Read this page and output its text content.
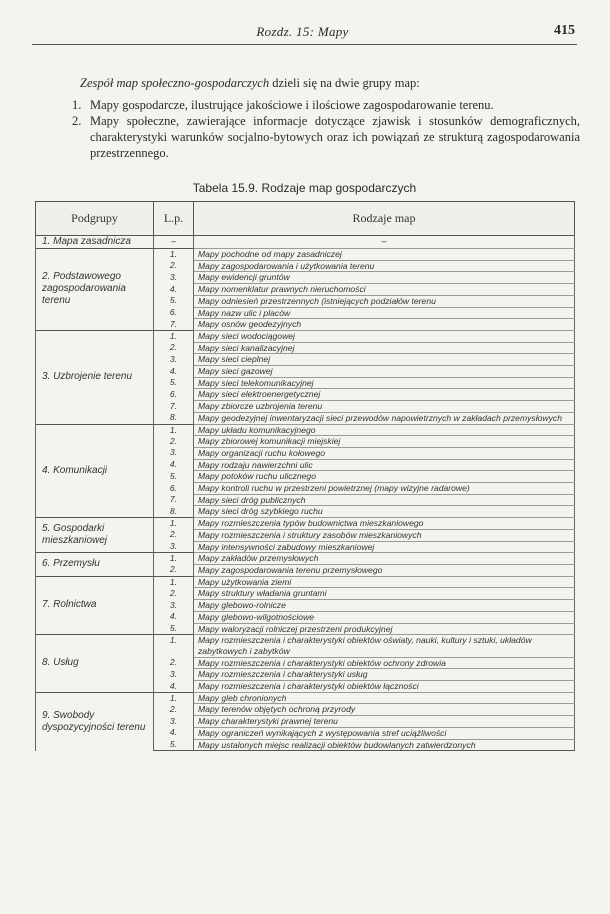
Rozdz. 15: Mapy	415

Zespół map społeczno-gospodarczych dzieli się na dwie grupy map:

1. Mapy gospodarcze, ilustrujące jakościowe i ilościowe zagospodarowanie terenu.
2. Mapy społeczne, zawierające informacje dotyczące zjawisk i stosunków demograficznych, charakterystyki warunków socjalno-bytowych oraz ich powiązań ze strukturą zagospodarowania przestrzennego.
Tabela 15.9. Rodzaje map gospodarczych
Podgrupy	L.p.	Rodzaje map
1. Mapa zasadnicza	–	–
2. Podstawowego zagospodarowania terenu	1.	Mapy pochodne od mapy zasadniczej
	2.	Mapy zagospodarowania i użytkowania terenu
	3.	Mapy ewidencji gruntów
	4.	Mapy nomenklatur prawnych nieruchomości
	5.	Mapy odniesień przestrzennych (istniejących podziałów terenu
	6.	Mapy nazw ulic i placów
	7.	Mapy osnów geodezyjnych
3. Uzbrojenie terenu	1.	Mapy sieci wodociągowej
	2.	Mapy sieci kanalizacyjnej
	3.	Mapy sieci cieplnej
	4.	Mapy sieci gazowej
	5.	Mapy sieci telekomunikacyjnej
	6.	Mapy sieci elektroenergetycznej
	7.	Mapy zbiorcze uzbrojenia terenu
	8.	Mapy geodezyjnej inwentaryzacji sieci przewodów napowietrznych w zakładach przemysłowych
4. Komunikacji	1.	Mapy układu komunikacyjnego
	2.	Mapy zbiorowej komunikacji miejskiej
	3.	Mapy organizacji ruchu kołowego
	4.	Mapy rodzaju nawierzchni ulic
	5.	Mapy potoków ruchu ulicznego
	6.	Mapy kontroli ruchu w przestrzeni powietrznej (mapy wizyjne radarowe)
	7.	Mapy sieci dróg publicznych
	8.	Mapy sieci dróg szybkiego ruchu
5. Gospodarki mieszkaniowej	1.	Mapy rozmieszczenia typów budownictwa mieszkaniowego
	2.	Mapy rozmieszczenia i struktury zasobów mieszkaniowych
	3.	Mapy intensywności zabudowy mieszkaniowej
6. Przemysłu	1.	Mapy zakładów przemysłowych
	2.	Mapy zagospodarowania terenu przemysłowego
7. Rolnictwa	1.	Mapy użytkowania ziemi
	2.	Mapy struktury władania gruntami
	3.	Mapy glebowo-rolnicze
	4.	Mapy glebowo-wilgotnościowe
	5.	Mapy waloryzacji rolniczej przestrzeni produkcyjnej
8. Usług	1.	Mapy rozmieszczenia i charakterystyki obiektów oświaty, nauki, kultury i sztuki, układów zabytkowych i zabytków
	2.	Mapy rozmieszczenia i charakterystyki obiektów ochrony zdrowia
	3.	Mapy rozmieszczenia i charakterystyki usług
	4.	Mapy rozmieszczenia i charakterystyki obiektów łączności
9. Swobody dyspozycyjności terenu	1.	Mapy gleb chronionych
	2.	Mapy terenów objętych ochroną przyrody
	3.	Mapy charakterystyki prawnej terenu
	4.	Mapy ograniczeń wynikających z występowania stref uciążliwości
	5.	Mapy ustalonych miejsc realizacji obiektów budowlanych zatwierdzonych
